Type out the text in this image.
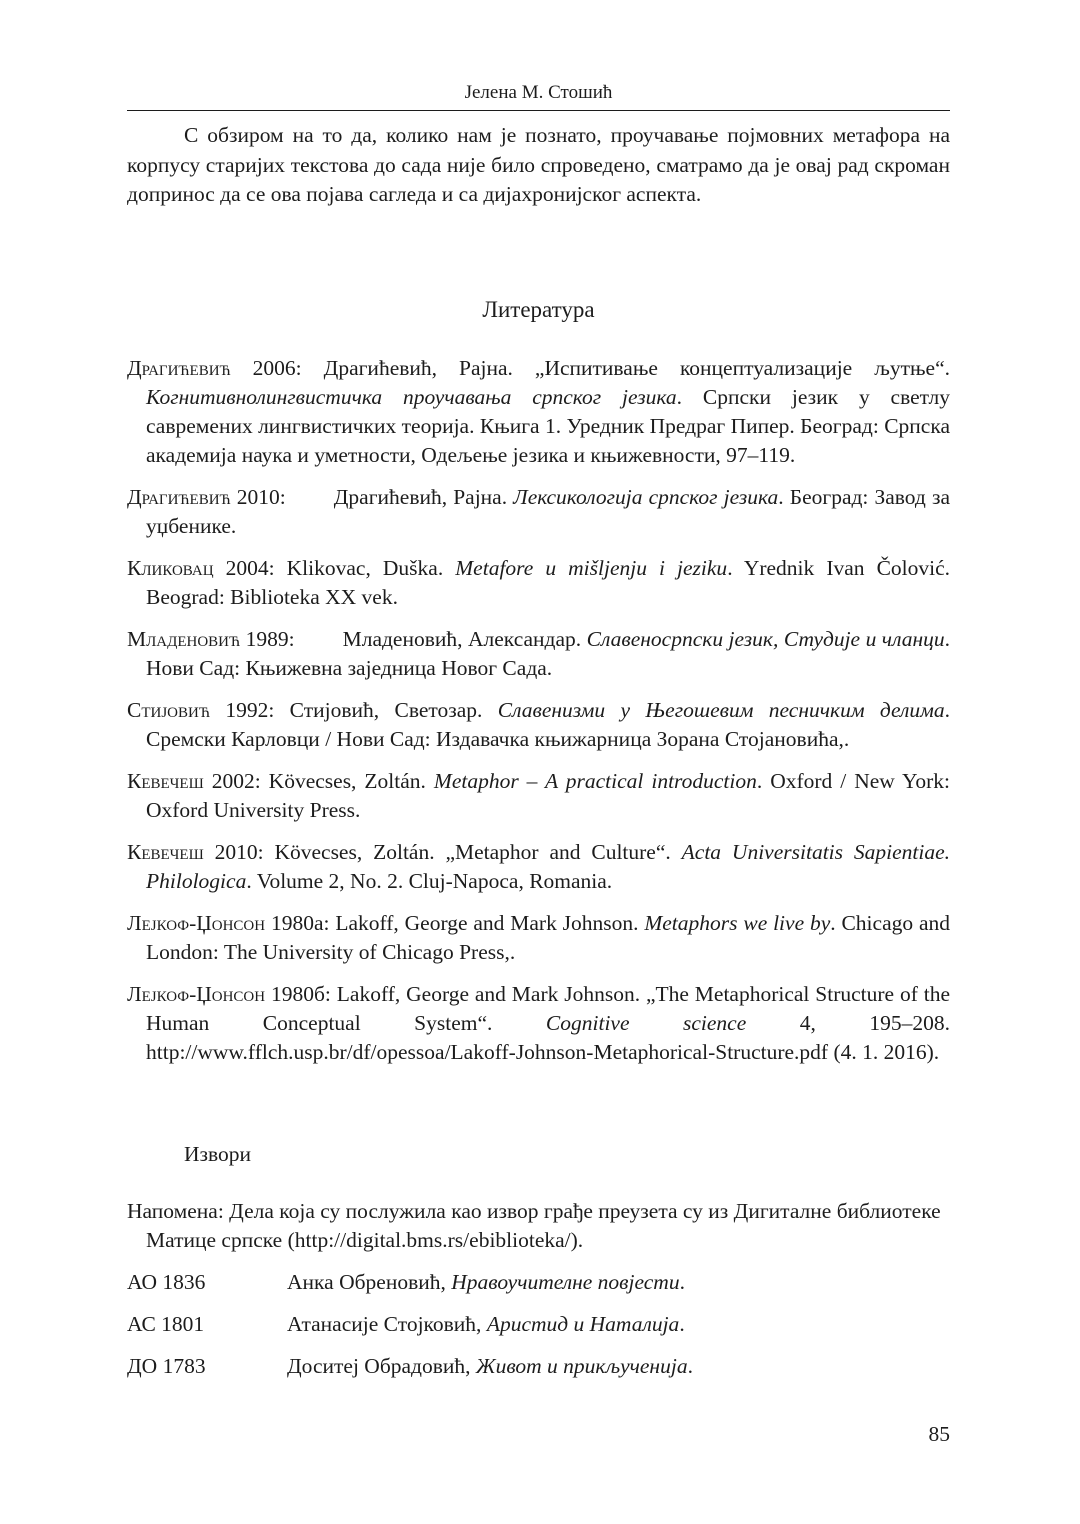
Јелена М. Стошић

С обзиром на то да, колико нам је познато, проучавање појмовних метафора на корпусу старијих текстова до сада није било спроведено, сматрамо да је овај рад скроман допринос да се ова појава сагледа и са дијахронијског аспекта.

Литература

Драгићевић 2006: Драгићевић, Рајна. „Испитивање концептуализације љутње“. Когнитивнолингвистичка проучавања српског језика. Српски језик у светлу савремених лингвистичких теорија. Књига 1. Уредник Предраг Пипер. Београд: Српска академија наука и уметности, Одељење језика и књижевности, 97–119.

Драгићевић 2010: Драгићевић, Рајна. Лексикологија српског језика. Београд: Завод за уџбенике.

Кликовац 2004: Klikovac, Duška. Metafore u mišljenju i jeziku. Yrednik Ivan Čolović. Beograd: Biblioteka XX vek.

Младеновић 1989: Младеновић, Александар. Славеносрпски језик, Студије и чланци. Нови Сад: Књижевна заједница Новог Сада.

Стијовић 1992: Стијовић, Светозар. Славенизми у Његошевим песничким делима. Сремски Карловци / Нови Сад: Издавачка књижарница Зорана Стојановића,.

Кевечеш 2002: Kövecses, Zoltán. Metaphor – A practical introduction. Oxford / New York: Oxford University Press.

Кевечеш 2010: Kövecses, Zoltán. „Metaphor and Culture“. Acta Universitatis Sapientiae. Philologica. Volume 2, No. 2. Cluj-Napoca, Romania.

Лејкоф-Џонсон 1980а: Lakoff, George and Mark Johnson. Metaphors we live by. Chicago and London: The University of Chicago Press,.

Лејкоф-Џонсон 1980б: Lakoff, George and Mark Johnson. „The Metaphorical Structure of the Human Conceptual System“. Cognitive science 4, 195–208. http://www.fflch.usp.br/df/opessoa/Lakoff-Johnson-Metaphorical-Structure.pdf (4. 1. 2016).

Извори

Напомена: Дела која су послужила као извор грађе преузета су из Дигиталне библиотеке Матице српске (http://digital.bms.rs/ebiblioteka/).

АО 1836	Анка Обреновић, Нравоучителне повјести.
АС 1801	Атанасије Стојковић, Аристид и Наталија.
ДО 1783	Доситеј Обрадовић, Живот и прикључениjа.
85
